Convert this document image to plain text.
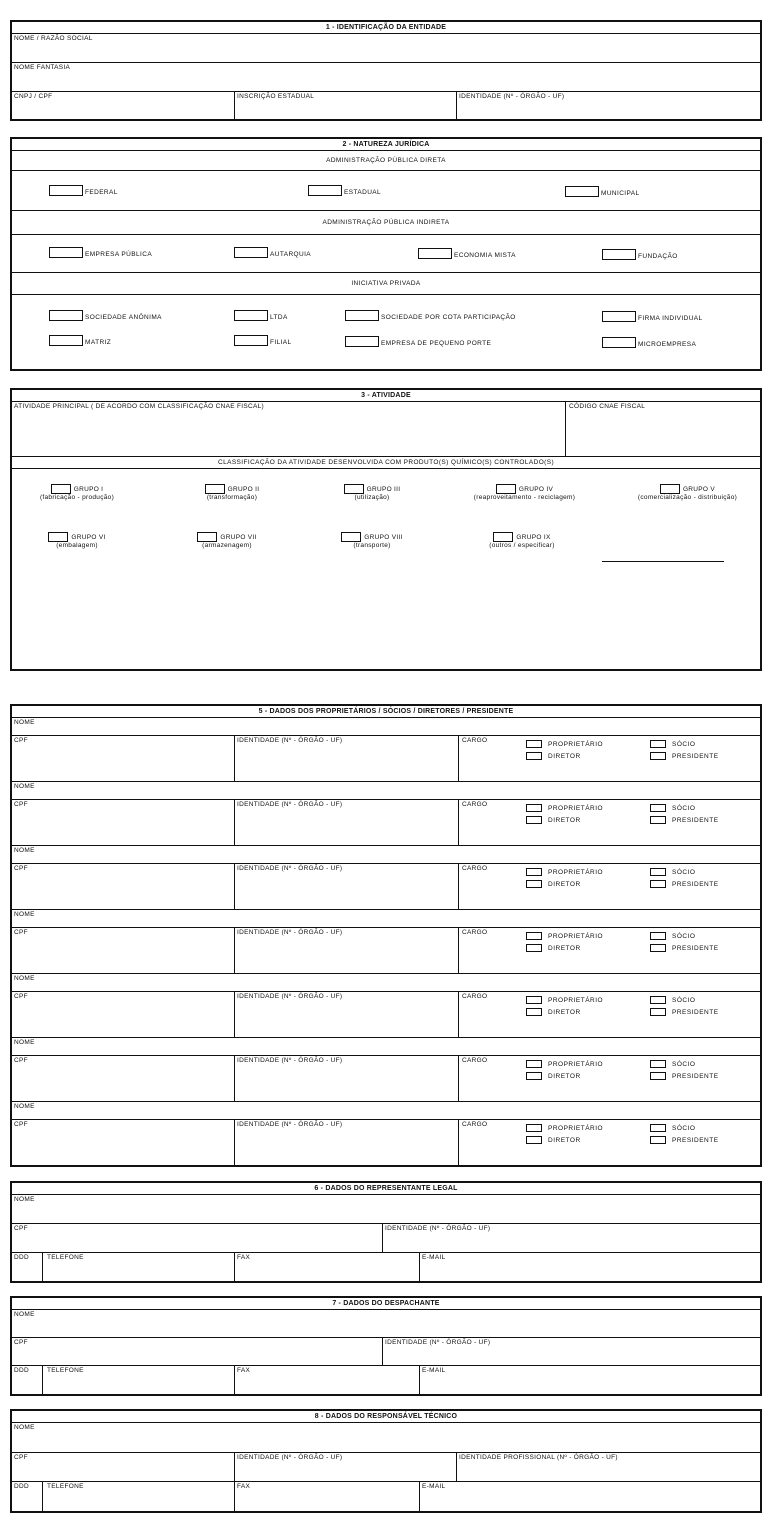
1 - IDENTIFICAÇÃO DA ENTIDADE
NOME / RAZÃO SOCIAL
NOME FANTASIA
CNPJ / CPF	INSCRIÇÃO ESTADUAL	IDENTIDADE (Nº - ÓRGÃO - UF)
2 - NATUREZA JURÍDICA
ADMINISTRAÇÃO PÚBLICA DIRETA
FEDERAL	ESTADUAL	MUNICIPAL
ADMINISTRAÇÃO PÚBLICA INDIRETA
EMPRESA PÚBLICA	AUTARQUIA	ECONOMIA MISTA	FUNDAÇÃO
INICIATIVA PRIVADA
SOCIEDADE ANÔNIMA	LTDA	SOCIEDADE POR COTA PARTICIPAÇÃO	FIRMA INDIVIDUAL
MATRIZ	FILIAL	EMPRESA DE PEQUENO PORTE	MICROEMPRESA
3 - ATIVIDADE
ATIVIDADE PRINCIPAL ( DE ACORDO COM CLASSIFICAÇÃO CNAE FISCAL)	CÓDIGO CNAE FISCAL
CLASSIFICAÇÃO DA ATIVIDADE DESENVOLVIDA COM PRODUTO(S) QUÍMICO(S) CONTROLADO(S)
GRUPO I
(fabricação - produção)
GRUPO II
(transformação)
GRUPO III
(utilização)
GRUPO IV
(reaproveitamento - reciclagem)
GRUPO V
(comercialização - distribuição)
GRUPO VI
(embalagem)
GRUPO VII
(armazenagem)
GRUPO VIII
(transporte)
GRUPO IX
(outros / especificar)
5 - DADOS DOS PROPRIETÁRIOS / SÓCIOS / DIRETORES / PRESIDENTE
NOME
CPF	IDENTIDADE (Nº - ÓRGÃO - UF)	CARGO	PROPRIETÁRIO
DIRETOR
SÓCIO
PRESIDENTE
NOME
CPF	IDENTIDADE (Nº - ÓRGÃO - UF)	CARGO	PROPRIETÁRIO
DIRETOR
SÓCIO
PRESIDENTE
NOME
CPF	IDENTIDADE (Nº - ÓRGÃO - UF)	CARGO	PROPRIETÁRIO
DIRETOR
SÓCIO
PRESIDENTE
NOME
CPF	IDENTIDADE (Nº - ÓRGÃO - UF)	CARGO	PROPRIETÁRIO
DIRETOR
SÓCIO
PRESIDENTE
NOME
CPF	IDENTIDADE (Nº - ÓRGÃO - UF)	CARGO	PROPRIETÁRIO
DIRETOR
SÓCIO
PRESIDENTE
NOME
CPF	IDENTIDADE (Nº - ÓRGÃO - UF)	CARGO	PROPRIETÁRIO
DIRETOR
SÓCIO
PRESIDENTE
NOME
CPF	IDENTIDADE (Nº - ÓRGÃO - UF)	CARGO	PROPRIETÁRIO
DIRETOR
SÓCIO
PRESIDENTE
6 - DADOS DO REPRESENTANTE LEGAL
NOME
CPF	IDENTIDADE (Nº - ÓRGÃO - UF)
DDD	TELEFONE	FAX	E-MAIL
7 - DADOS DO DESPACHANTE
NOME
CPF	IDENTIDADE (Nº - ÓRGÃO - UF)
DDD	TELEFONE	FAX	E-MAIL
8 - DADOS DO RESPONSÁVEL TÉCNICO
NOME
CPF	IDENTIDADE (Nº - ÓRGÃO - UF)	IDENTIDADE PROFISSIONAL (Nº - ÓRGÃO - UF)
DDD	TELEFONE	FAX	E-MAIL
